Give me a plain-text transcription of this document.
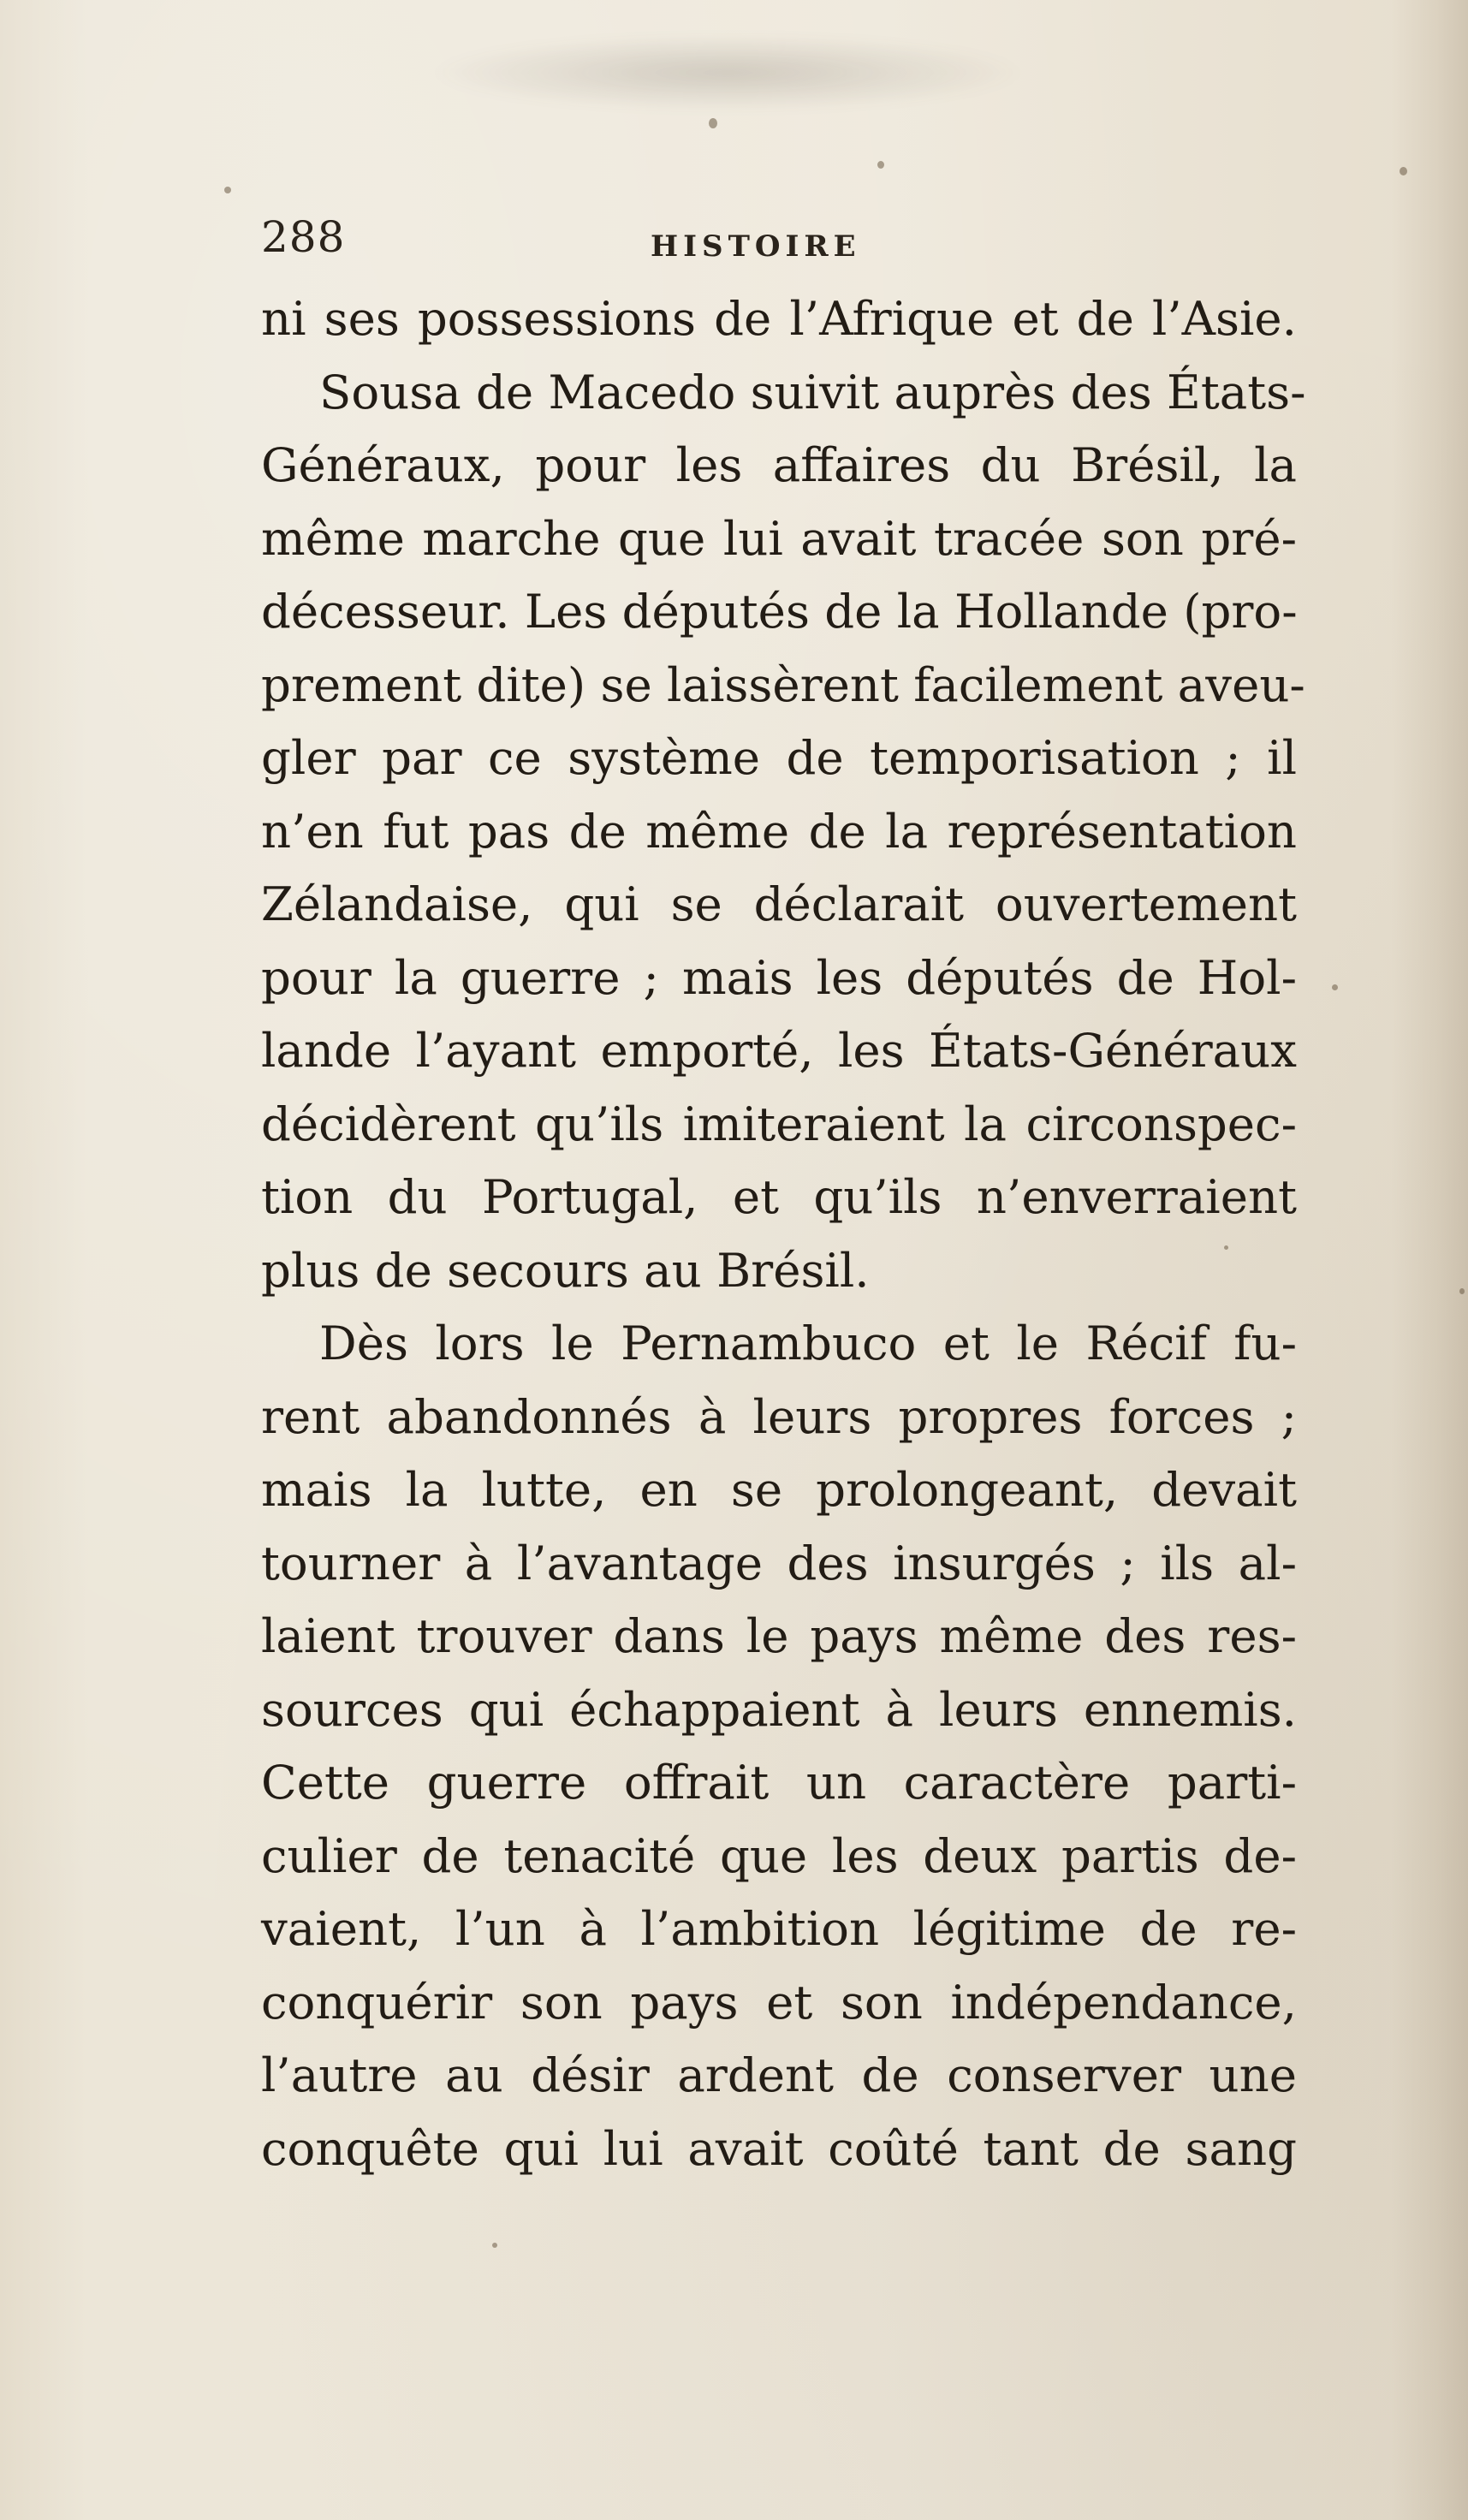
288	HISTOIRE
ni ses possessions de l’Afrique et de l’Asie.
Sousa de Macedo suivit auprès des États-
Généraux, pour les affaires du Brésil, la
même marche que lui avait tracée son pré-
décesseur. Les députés de la Hollande (pro-
prement dite) se laissèrent facilement aveu-
gler par ce système de temporisation ; il
n’en fut pas de même de la représentation
Zélandaise, qui se déclarait ouvertement
pour la guerre ; mais les députés de Hol-
lande l’ayant emporté, les États-Généraux
décidèrent qu’ils imiteraient la circonspec-
tion du Portugal, et qu’ils n’enverraient
plus de secours au Brésil.
Dès lors le Pernambuco et le Récif fu-
rent abandonnés à leurs propres forces ;
mais la lutte, en se prolongeant, devait
tourner à l’avantage des insurgés ; ils al-
laient trouver dans le pays même des res-
sources qui échappaient à leurs ennemis.
Cette guerre offrait un caractère parti-
culier de tenacité que les deux partis de-
vaient, l’un à l’ambition légitime de re-
conquérir son pays et son indépendance,
l’autre au désir ardent de conserver une
conquête qui lui avait coûté tant de sang
